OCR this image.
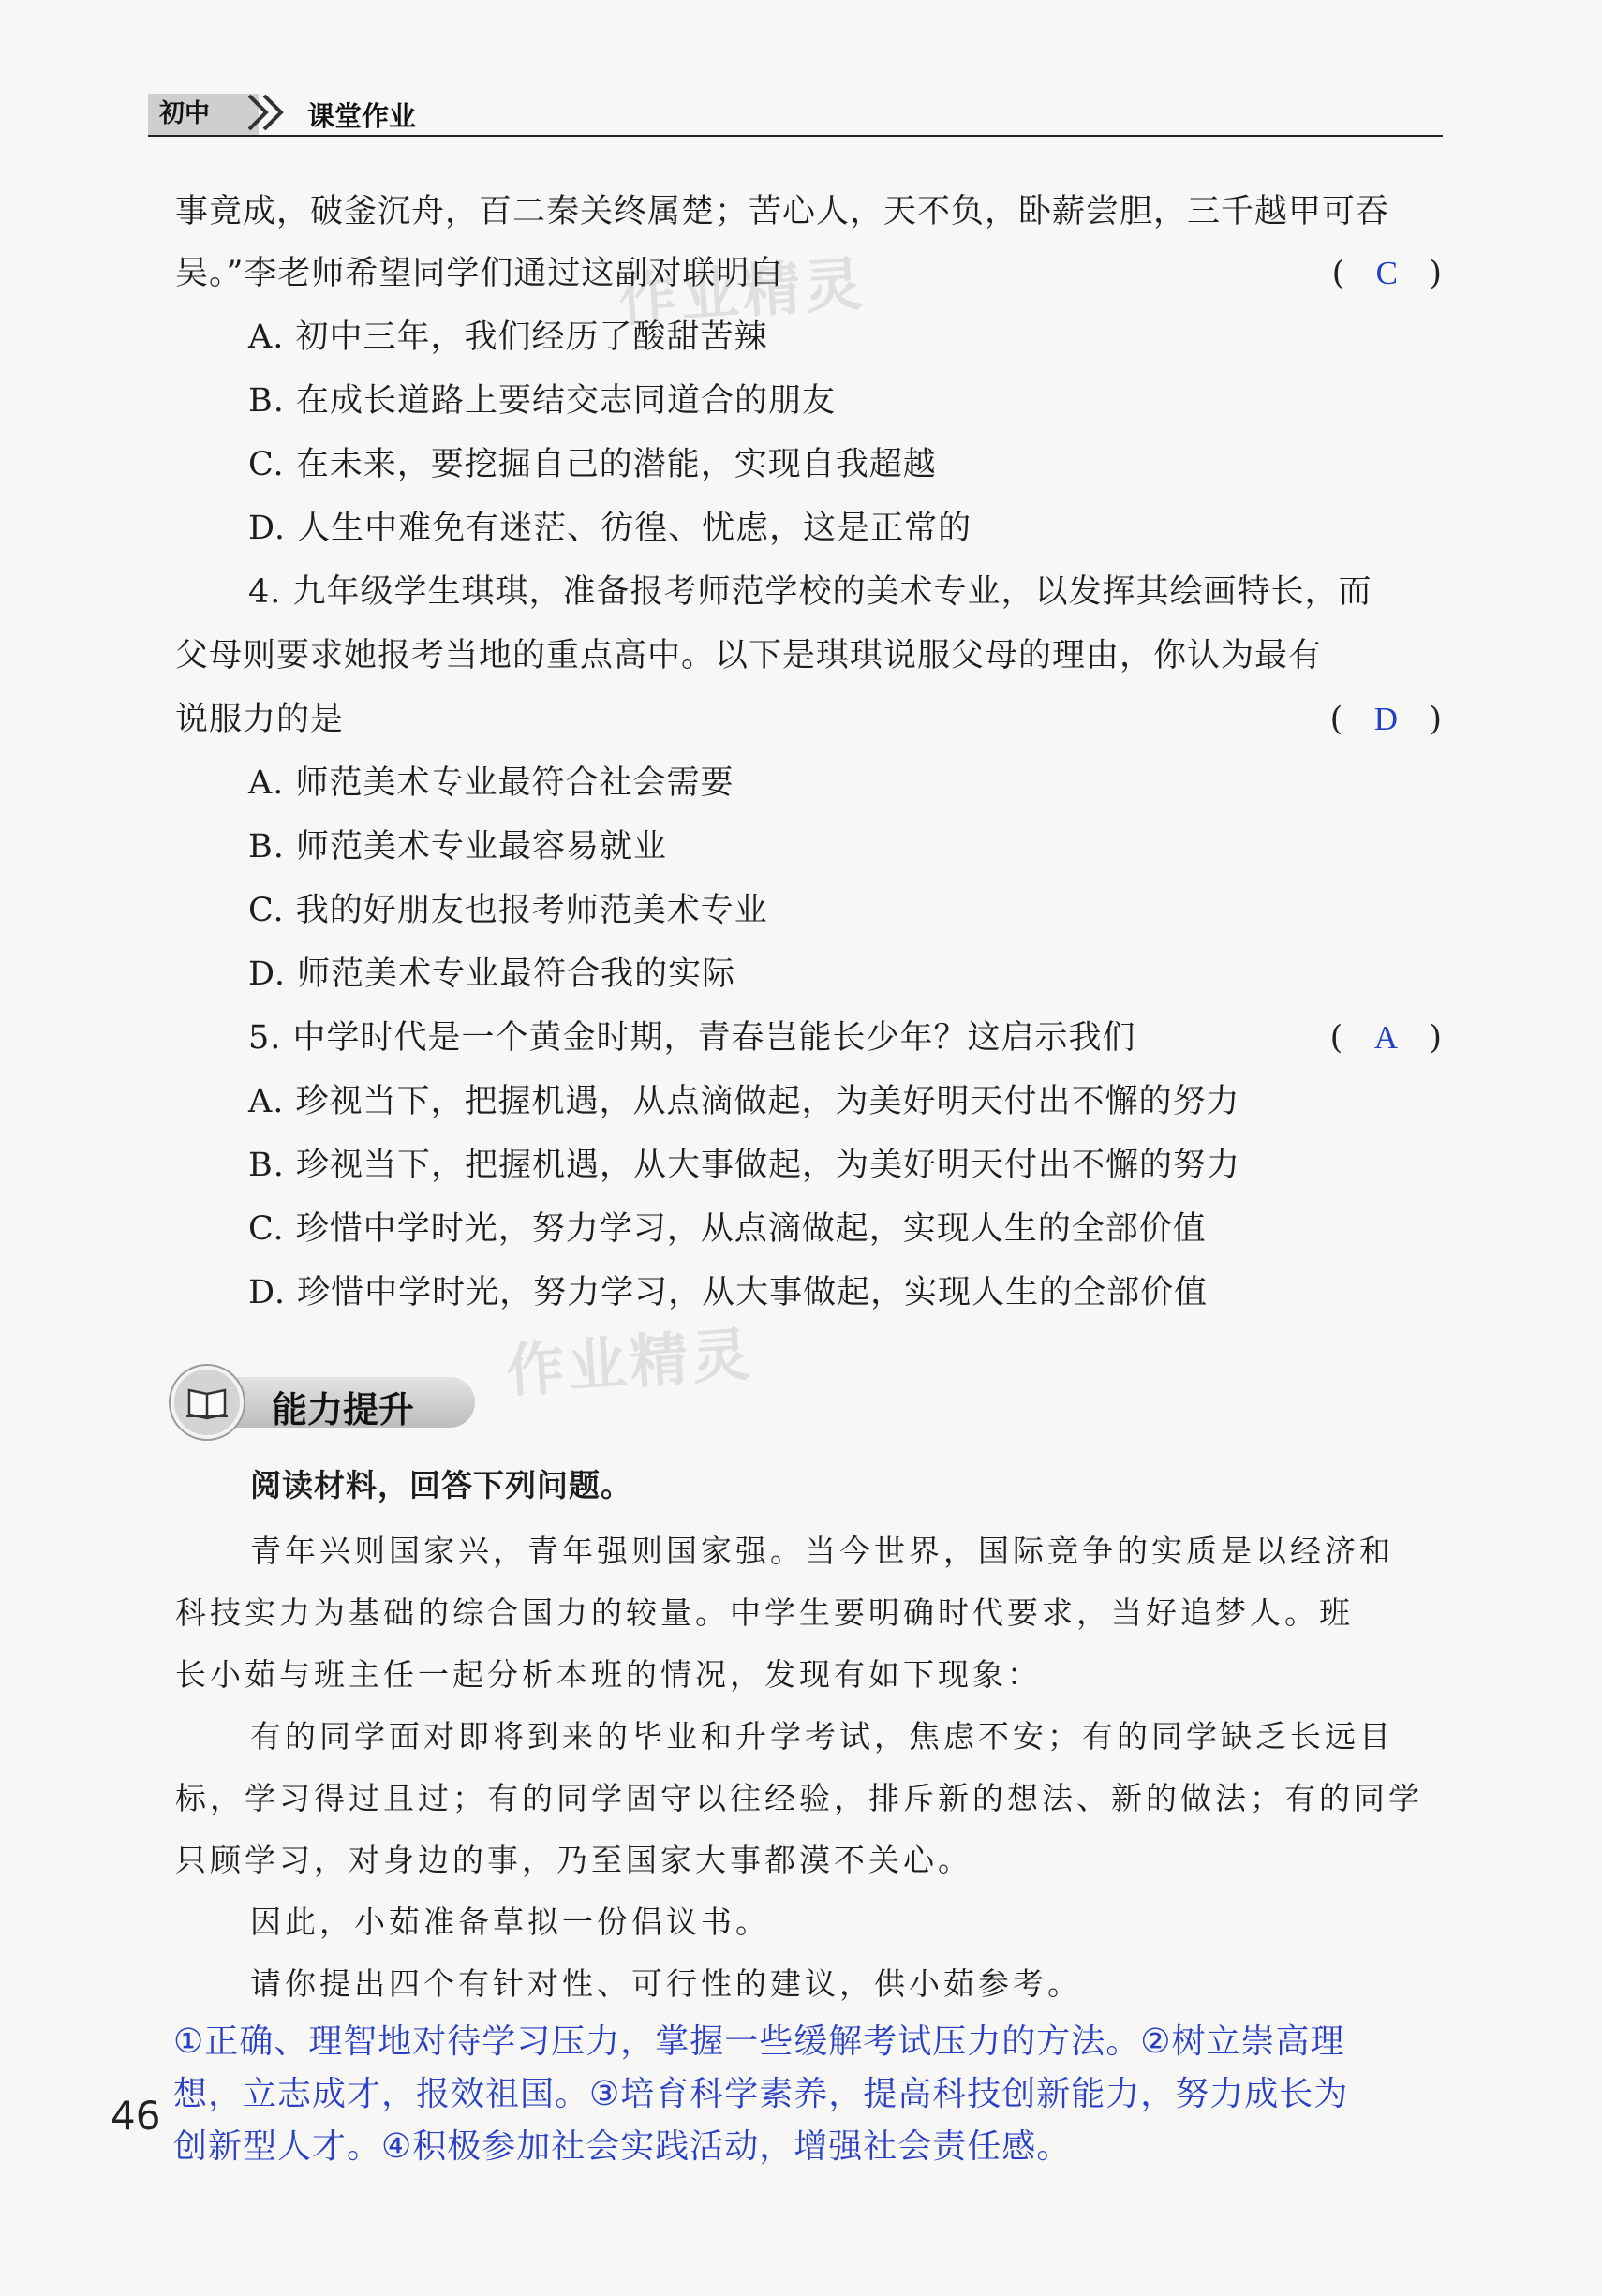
初中	课堂作业
作业精灵
作业精灵
事竟成，破釜沉舟，百二秦关终属楚；苦心人，天不负，卧薪尝胆，三千越甲可吞
吴。”李老师希望同学们通过这副对联明白	(   C   )
A. 初中三年，我们经历了酸甜苦辣
B. 在成长道路上要结交志同道合的朋友
C. 在未来，要挖掘自己的潜能，实现自我超越
D. 人生中难免有迷茫、彷徨、忧虑，这是正常的
4. 九年级学生琪琪，准备报考师范学校的美术专业，以发挥其绘画特长，而
父母则要求她报考当地的重点高中。以下是琪琪说服父母的理由，你认为最有
说服力的是	(   D   )
A. 师范美术专业最符合社会需要
B. 师范美术专业最容易就业
C. 我的好朋友也报考师范美术专业
D. 师范美术专业最符合我的实际
5. 中学时代是一个黄金时期，青春岂能长少年？这启示我们	(   A   )
A. 珍视当下，把握机遇，从点滴做起，为美好明天付出不懈的努力
B. 珍视当下，把握机遇，从大事做起，为美好明天付出不懈的努力
C. 珍惜中学时光，努力学习，从点滴做起，实现人生的全部价值
D. 珍惜中学时光，努力学习，从大事做起，实现人生的全部价值
能力提升
阅读材料，回答下列问题。
青年兴则国家兴，青年强则国家强。当今世界，国际竞争的实质是以经济和
科技实力为基础的综合国力的较量。中学生要明确时代要求，当好追梦人。班
长小茹与班主任一起分析本班的情况，发现有如下现象：
有的同学面对即将到来的毕业和升学考试，焦虑不安；有的同学缺乏长远目
标，学习得过且过；有的同学固守以往经验，排斥新的想法、新的做法；有的同学
只顾学习，对身边的事，乃至国家大事都漠不关心。
因此，小茹准备草拟一份倡议书。
请你提出四个有针对性、可行性的建议，供小茹参考。
①正确、理智地对待学习压力，掌握一些缓解考试压力的方法。②树立崇高理
想，立志成才，报效祖国。③培育科学素养，提高科技创新能力，努力成长为
创新型人才。④积极参加社会实践活动，增强社会责任感。
46
